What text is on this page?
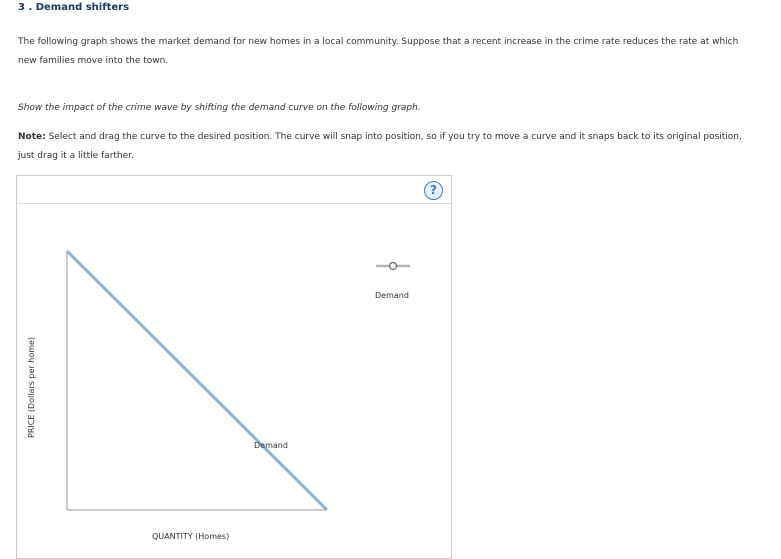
3 . Demand shifters
The following graph shows the market demand for new homes in a local community. Suppose that a recent increase in the crime rate reduces the rate at which new families move into the town.
Show the impact of the crime wave by shifting the demand curve on the following graph.
Note: Select and drag the curve to the desired position. The curve will snap into position, so if you try to move a curve and it snaps back to its original position, just drag it a little farther.
?
Demand
PRICE (Dollars per home)
QUANTITY (Homes)
Demand
